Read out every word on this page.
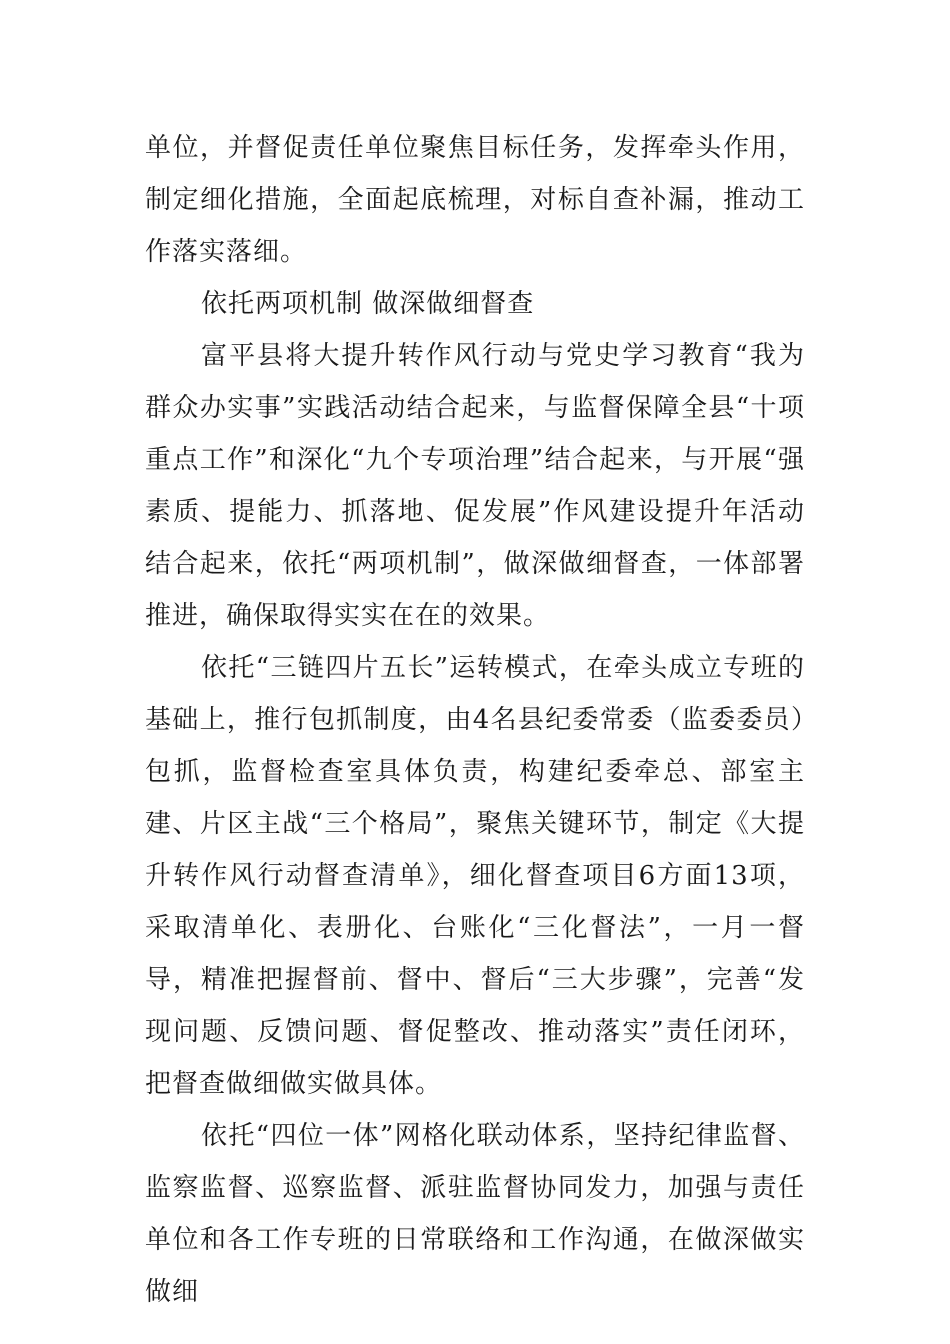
单位，并督促责任单位聚焦目标任务，发挥牵头作用，制定细化措施，全面起底梳理，对标自查补漏，推动工作落实落细。

依托两项机制 做深做细督查

富平县将大提升转作风行动与党史学习教育“我为群众办实事”实践活动结合起来，与监督保障全县“十项重点工作”和深化“九个专项治理”结合起来，与开展“强素质、提能力、抓落地、促发展”作风建设提升年活动结合起来，依托“两项机制”，做深做细督查，一体部署推进，确保取得实实在在的效果。

依托“三链四片五长”运转模式，在牵头成立专班的基础上，推行包抓制度，由4名县纪委常委（监委委员）包抓，监督检查室具体负责，构建纪委牵总、部室主建、片区主战“三个格局”，聚焦关键环节，制定《大提升转作风行动督查清单》，细化督查项目6方面13项，采取清单化、表册化、台账化“三化督法”，一月一督导，精准把握督前、督中、督后“三大步骤”，完善“发现问题、反馈问题、督促整改、推动落实”责任闭环，把督查做细做实做具体。

依托“四位一体”网格化联动体系，坚持纪律监督、监察监督、巡察监督、派驻监督协同发力，加强与责任单位和各工作专班的日常联络和工作沟通，在做深做实做细
